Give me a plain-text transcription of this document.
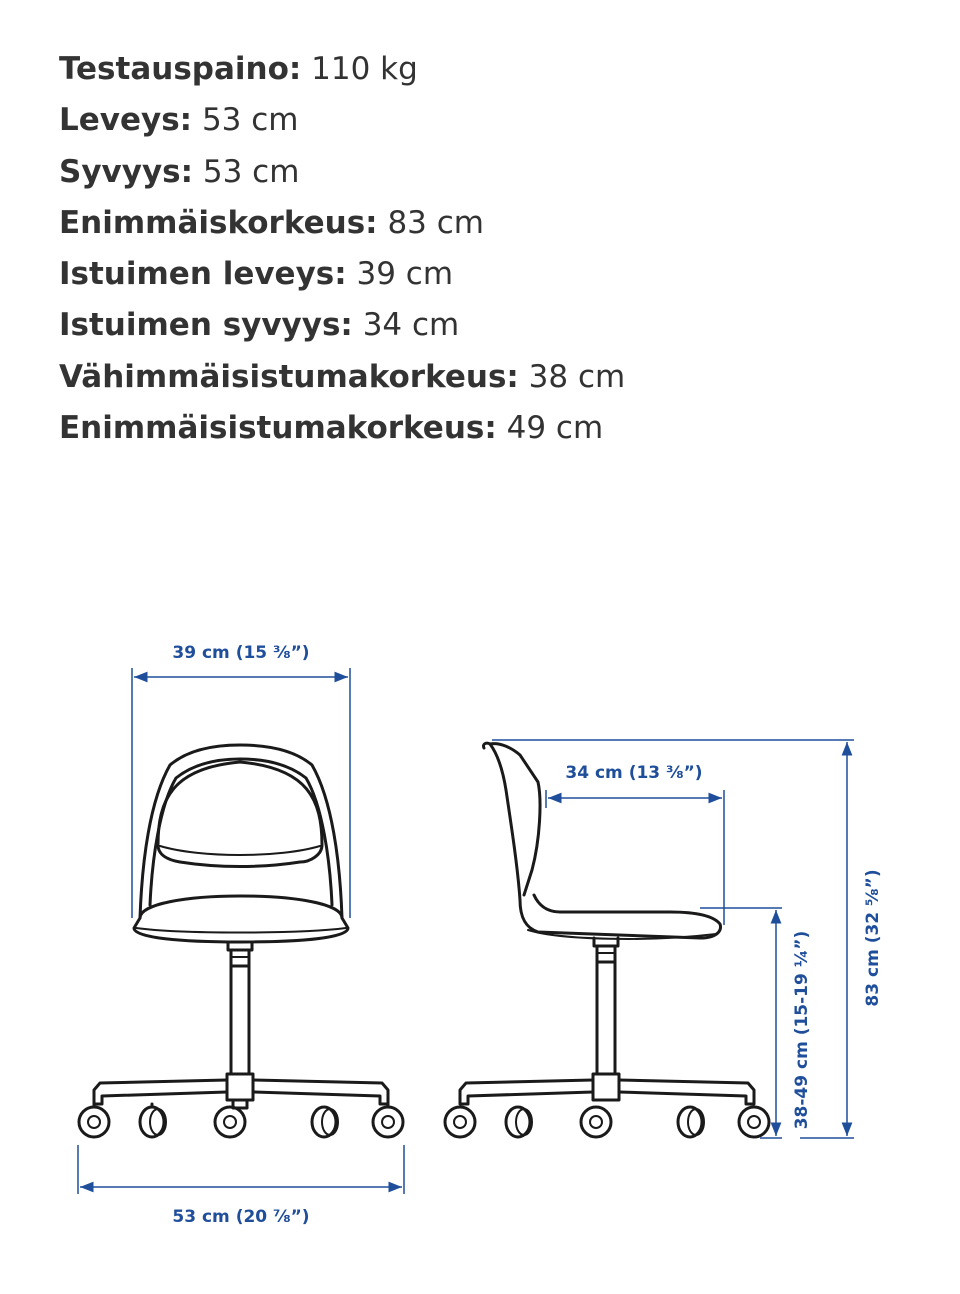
Testauspaino: 110 kg
Leveys: 53 cm
Syvyys: 53 cm
Enimmäiskorkeus: 83 cm
Istuimen leveys: 39 cm
Istuimen syvyys: 34 cm
Vähimmäisistumakorkeus: 38 cm
Enimmäisistumakorkeus: 49 cm
39 cm (15 ⅜”)
53 cm (20 ⅞”)
34 cm (13 ⅜”)
38-49 cm (15-19 ¼”)	83 cm (32 ⅝”)
